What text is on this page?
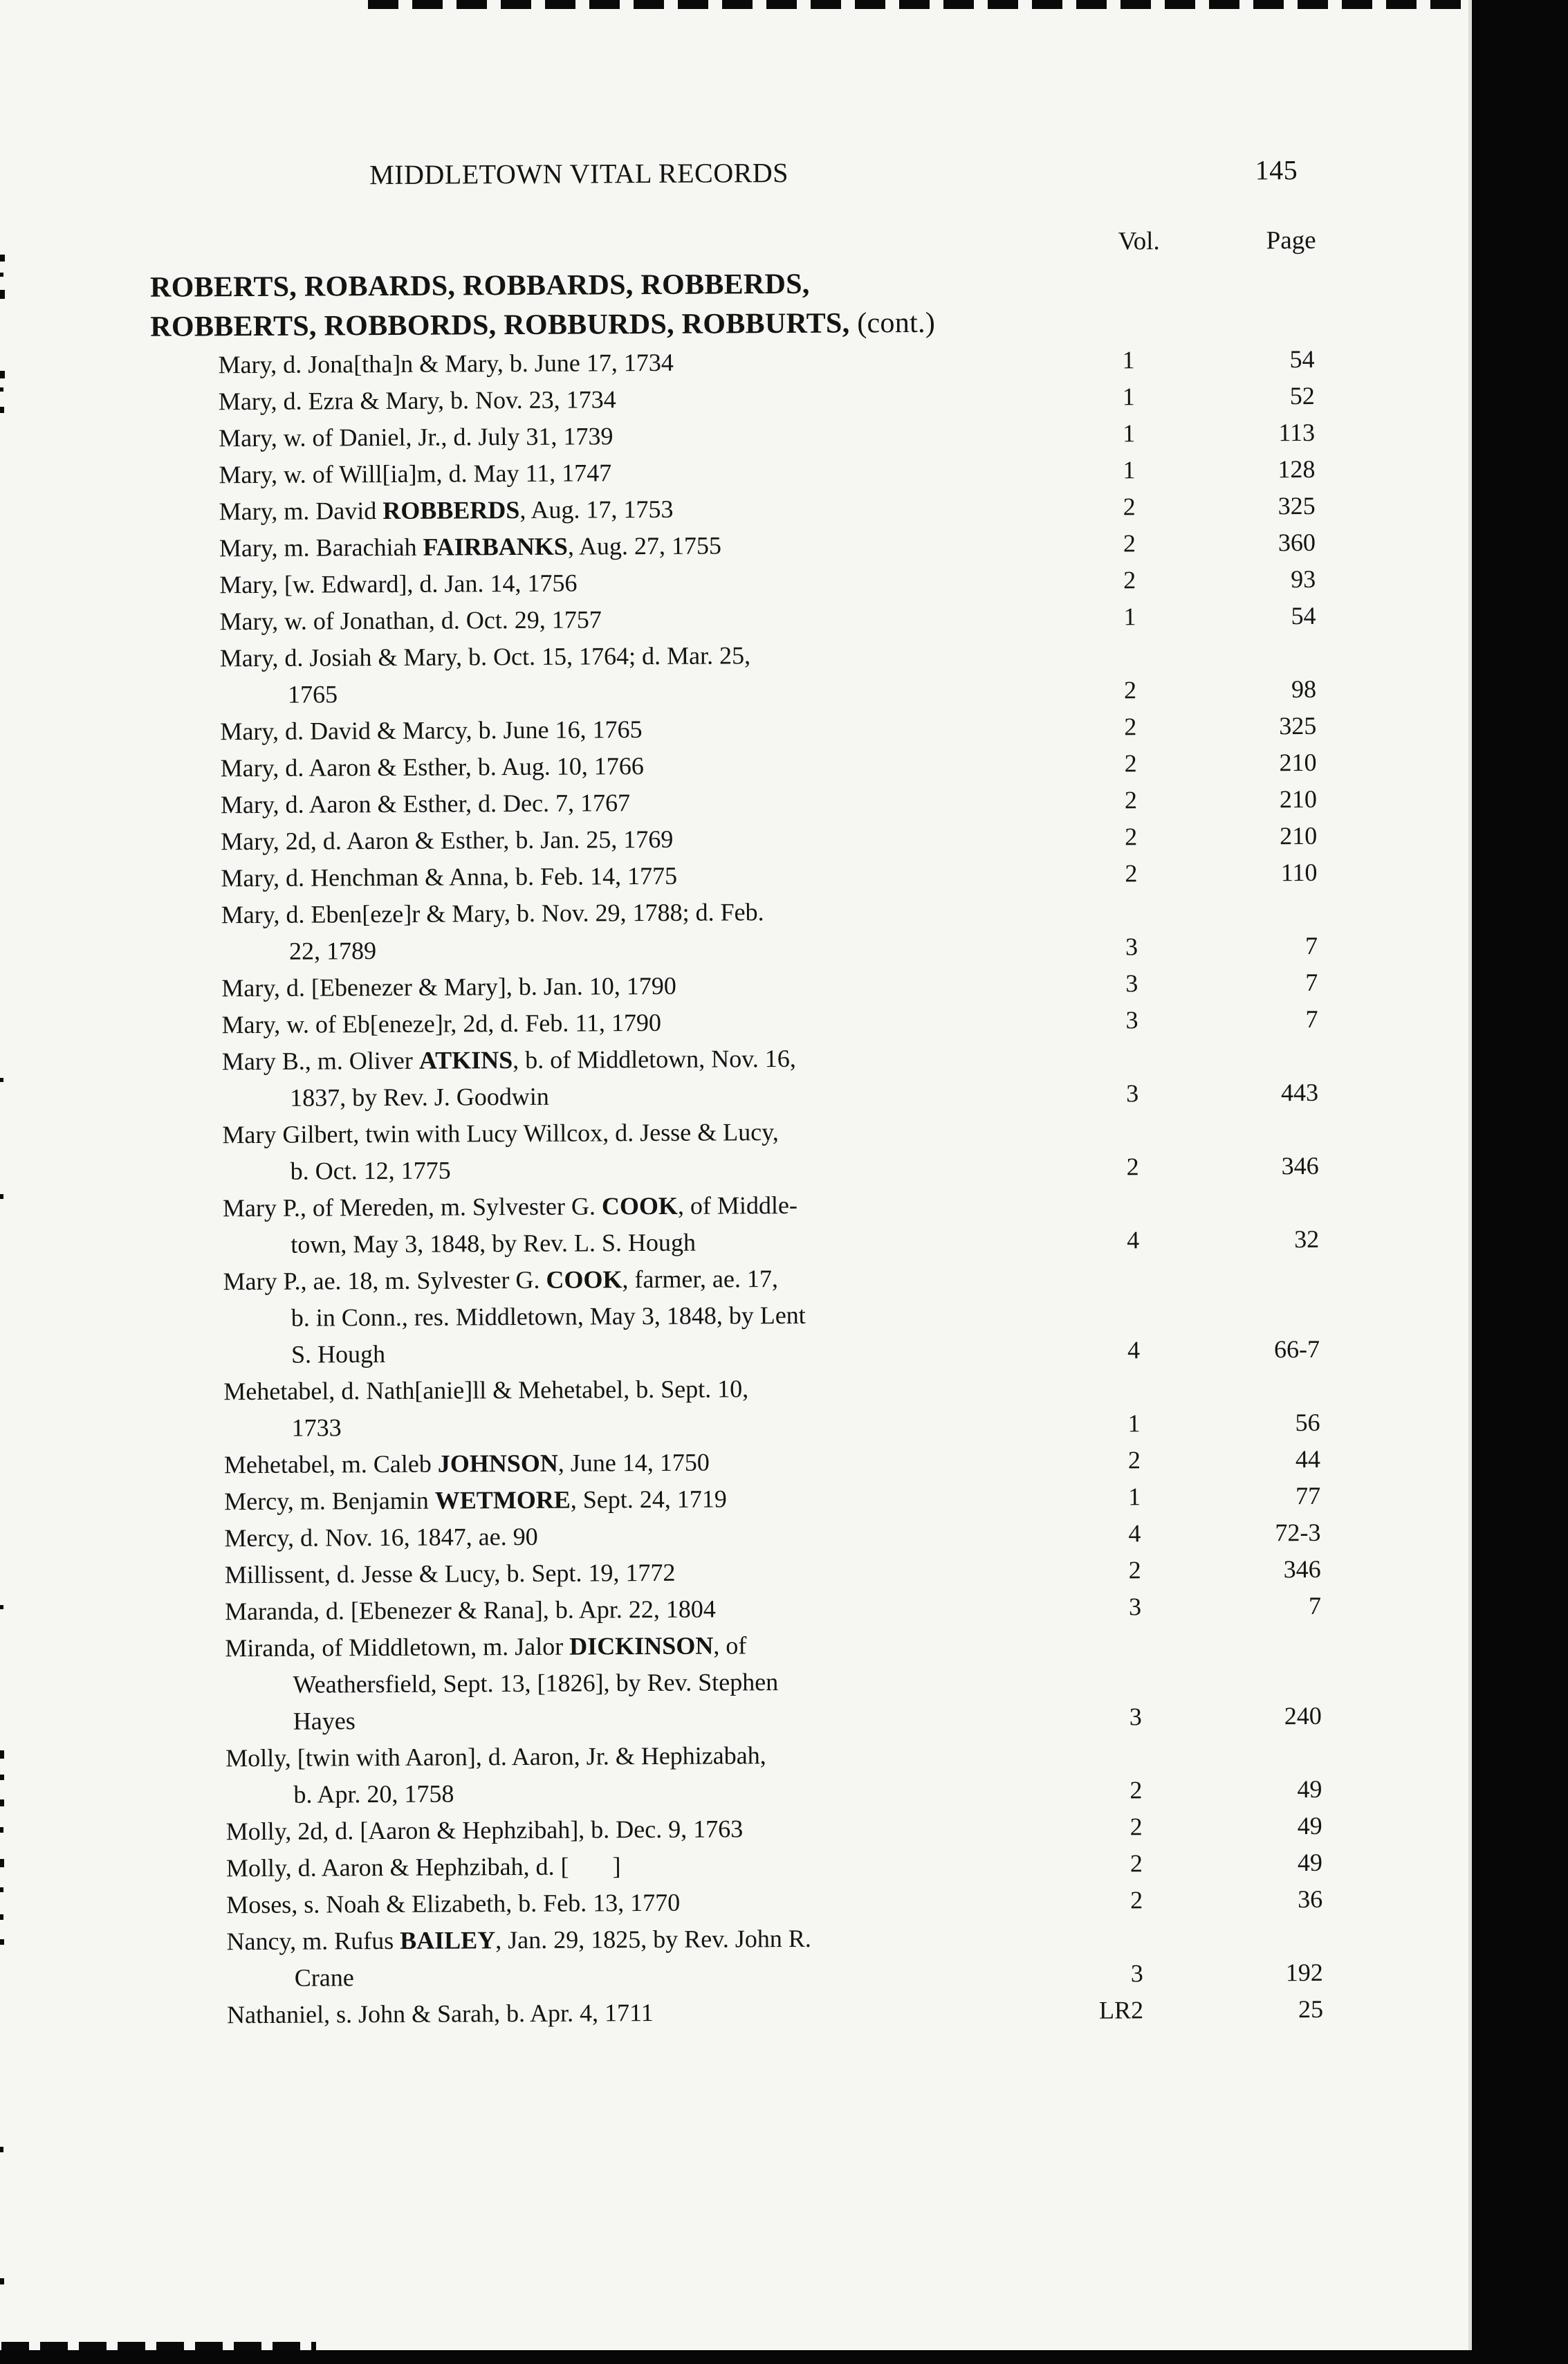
MIDDLETOWN VITAL RECORDS	145
Vol.	Page
ROBERTS, ROBARDS, ROBBARDS, ROBBERDS,
ROBBERTS, ROBBORDS, ROBBURDS, ROBBURTS, (cont.)
Mary, d. Jona[tha]n & Mary, b. June 17, 1734	1	54
Mary, d. Ezra & Mary, b. Nov. 23, 1734	1	52
Mary, w. of Daniel, Jr., d. July 31, 1739	1	113
Mary, w. of Will[ia]m, d. May 11, 1747	1	128
Mary, m. David ROBBERDS, Aug. 17, 1753	2	325
Mary, m. Barachiah FAIRBANKS, Aug. 27, 1755	2	360
Mary, [w. Edward], d. Jan. 14, 1756	2	93
Mary, w. of Jonathan, d. Oct. 29, 1757	1	54
Mary, d. Josiah & Mary, b. Oct. 15, 1764; d. Mar. 25,
1765	2	98
Mary, d. David & Marcy, b. June 16, 1765	2	325
Mary, d. Aaron & Esther, b. Aug. 10, 1766	2	210
Mary, d. Aaron & Esther, d. Dec. 7, 1767	2	210
Mary, 2d, d. Aaron & Esther, b. Jan. 25, 1769	2	210
Mary, d. Henchman & Anna, b. Feb. 14, 1775	2	110
Mary, d. Eben[eze]r & Mary, b. Nov. 29, 1788; d. Feb.
22, 1789	3	7
Mary, d. [Ebenezer & Mary], b. Jan. 10, 1790	3	7
Mary, w. of Eb[eneze]r, 2d, d. Feb. 11, 1790	3	7
Mary B., m. Oliver ATKINS, b. of Middletown, Nov. 16,
1837, by Rev. J. Goodwin	3	443
Mary Gilbert, twin with Lucy Willcox, d. Jesse & Lucy,
b. Oct. 12, 1775	2	346
Mary P., of Mereden, m. Sylvester G. COOK, of Middle-
town, May 3, 1848, by Rev. L. S. Hough	4	32
Mary P., ae. 18, m. Sylvester G. COOK, farmer, ae. 17,
b. in Conn., res. Middletown, May 3, 1848, by Lent
S. Hough	4	66-7
Mehetabel, d. Nath[anie]ll & Mehetabel, b. Sept. 10,
1733	1	56
Mehetabel, m. Caleb JOHNSON, June 14, 1750	2	44
Mercy, m. Benjamin WETMORE, Sept. 24, 1719	1	77
Mercy, d. Nov. 16, 1847, ae. 90	4	72-3
Millissent, d. Jesse & Lucy, b. Sept. 19, 1772	2	346
Maranda, d. [Ebenezer & Rana], b. Apr. 22, 1804	3	7
Miranda, of Middletown, m. Jalor DICKINSON, of
Weathersfield, Sept. 13, [1826], by Rev. Stephen
Hayes	3	240
Molly, [twin with Aaron], d. Aaron, Jr. & Hephizabah,
b. Apr. 20, 1758	2	49
Molly, 2d, d. [Aaron & Hephzibah], b. Dec. 9, 1763	2	49
Molly, d. Aaron & Hephzibah, d. [       ]	2	49
Moses, s. Noah & Elizabeth, b. Feb. 13, 1770	2	36
Nancy, m. Rufus BAILEY, Jan. 29, 1825, by Rev. John R.
Crane	3	192
Nathaniel, s. John & Sarah, b. Apr. 4, 1711	LR2	25
